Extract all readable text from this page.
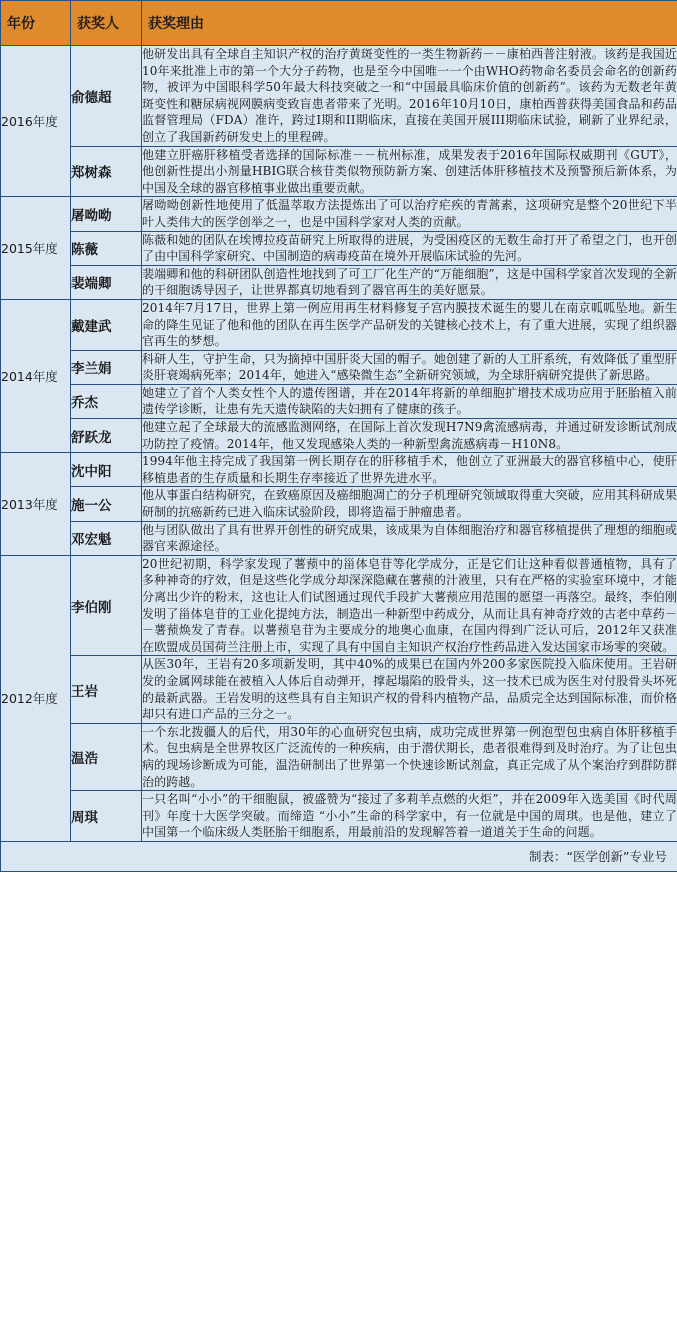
年份	获奖人	获奖理由
2016年度	俞德超	他研发出具有全球自主知识产权的治疗黄斑变性的一类生物新药－－康柏西普注射液。该药是我国近10年来批准上市的第一个大分子药物，也是至今中国唯一一个由WHO药物命名委员会命名的创新药物，被评为中国眼科学50年最大科技突破之一和“中国最具临床价值的创新药”。该药为无数老年黄斑变性和糖尿病视网膜病变致盲患者带来了光明。2016年10月10日，康柏西普获得美国食品和药品监督管理局（FDA）准许，跨过I期和II期临床，直接在美国开展III期临床试验，刷新了业界纪录，创立了我国新药研发史上的里程碑。
	郑树森	他建立肝癌肝移植受者选择的国际标准－－杭州标准，成果发表于2016年国际权威期刊《GUT》，他创新性提出小剂量HBIG联合核苷类似物预防新方案、创建活体肝移植技术及预警预后新体系，为中国及全球的器官移植事业做出重要贡献。
2015年度	屠呦呦	屠呦呦创新性地使用了低温萃取方法提炼出了可以治疗疟疾的青蒿素，这项研究是整个20世纪下半叶人类伟大的医学创举之一，也是中国科学家对人类的贡献。
	陈薇	陈薇和她的团队在埃博拉疫苗研究上所取得的进展，为受困疫区的无数生命打开了希望之门，也开创了由中国科学家研究、中国制造的病毒疫苗在境外开展临床试验的先河。
	裴端卿	裴端卿和他的科研团队创造性地找到了可工厂化生产的“万能细胞”，这是中国科学家首次发现的全新的干细胞诱导因子，让世界都真切地看到了器官再生的美好愿景。
2014年度	戴建武	2014年7月17日，世界上第一例应用再生材料修复子宫内膜技术诞生的婴儿在南京呱呱坠地。新生命的降生见证了他和他的团队在再生医学产品研发的关键核心技术上，有了重大进展，实现了组织器官再生的梦想。
	李兰娟	科研人生，守护生命，只为摘掉中国肝炎大国的帽子。她创建了新的人工肝系统，有效降低了重型肝炎肝衰竭病死率；2014年，她进入“感染微生态”全新研究领域，为全球肝病研究提供了新思路。
	乔杰	她建立了首个人类女性个人的遗传图谱，并在2014年将新的单细胞扩增技术成功应用于胚胎植入前遗传学诊断，让患有先天遗传缺陷的夫妇拥有了健康的孩子。
	舒跃龙	他建立起了全球最大的流感监测网络，在国际上首次发现H7N9禽流感病毒，并通过研发诊断试剂成功防控了疫情。2014年，他又发现感染人类的一种新型禽流感病毒－H10N8。
2013年度	沈中阳	1994年他主持完成了我国第一例长期存在的肝移植手术，他创立了亚洲最大的器官移植中心，使肝移植患者的生存质量和长期生存率接近了世界先进水平。
	施一公	他从事蛋白结构研究，在致癌原因及癌细胞凋亡的分子机理研究领域取得重大突破，应用其科研成果研制的抗癌新药已进入临床试验阶段，即将造福于肿瘤患者。
	邓宏魁	他与团队做出了具有世界开创性的研究成果，该成果为自体细胞治疗和器官移植提供了理想的细胞或器官来源途径。
2012年度	李伯刚	20世纪初期，科学家发现了薯蓣中的甾体皂苷等化学成分，正是它们让这种看似普通植物，具有了多种神奇的疗效，但是这些化学成分却深深隐藏在薯蓣的汁液里，只有在严格的实验室环境中，才能分离出少许的粉末，这也让人们试图通过现代手段扩大薯蓣应用范围的愿望一再落空。最终，李伯刚发明了甾体皂苷的工业化提纯方法，制造出一种新型中药成分，从而让具有神奇疗效的古老中草药－－薯蓣焕发了青春。以薯蓣皂苷为主要成分的地奥心血康，在国内得到广泛认可后，2012年又获准在欧盟成员国荷兰注册上市，实现了具有中国自主知识产权治疗性药品进入发达国家市场零的突破。
	王岩	从医30年，王岩有20多项新发明，其中40%的成果已在国内外200多家医院投入临床使用。王岩研发的金属网球能在被植入人体后自动弹开，撑起塌陷的股骨头，这一技术已成为医生对付股骨头坏死的最新武器。王岩发明的这些具有自主知识产权的骨科内植物产品，品质完全达到国际标准，而价格却只有进口产品的三分之一。
	温浩	一个东北拨疆人的后代，用30年的心血研究包虫病，成功完成世界第一例泡型包虫病自体肝移植手术。包虫病是全世界牧区广泛流传的一种疾病，由于潜伏期长，患者很难得到及时治疗。为了让包虫病的现场诊断成为可能，温浩研制出了世界第一个快速诊断试剂盒，真正完成了从个案治疗到群防群治的跨越。
	周琪	一只名叫“小小”的干细胞鼠，被盛赞为“接过了多莉羊点燃的火炬”，并在2009年入选美国《时代周刊》年度十大医学突破。而缔造 “小小”生命的科学家中，有一位就是中国的周琪。也是他，建立了中国第一个临床级人类胚胎干细胞系，用最前沿的发现解答着一道道关于生命的问题。
制表：“医学创新”专业号		
